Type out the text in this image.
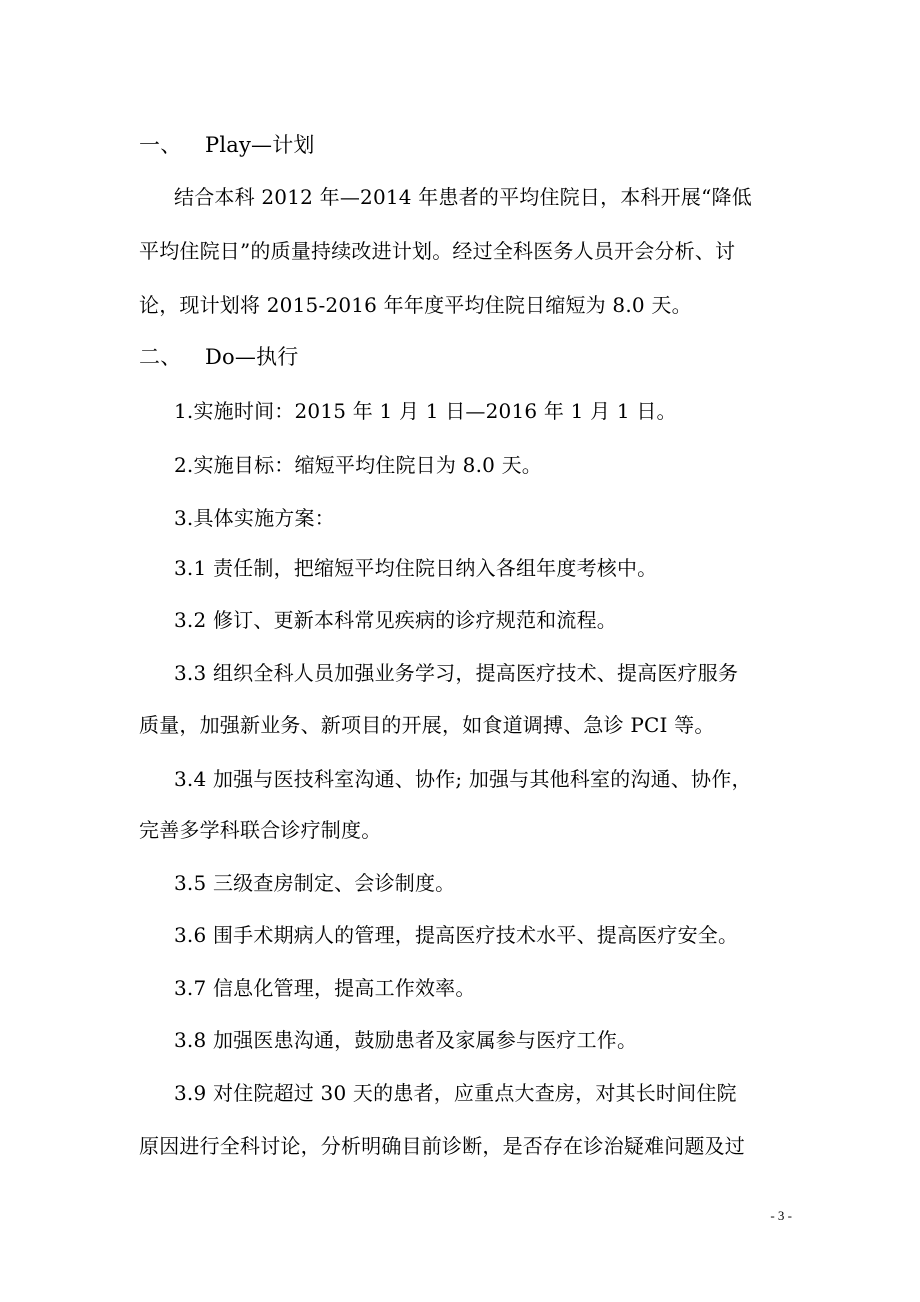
一、 Play—计划
结合本科 2012 年—2014 年患者的平均住院日，本科开展“降低
平均住院日”的质量持续改进计划。经过全科医务人员开会分析、讨
论，现计划将 2015-2016 年年度平均住院日缩短为 8.0 天。
二、 Do—执行
1.实施时间：2015 年 1 月 1 日—2016 年 1 月 1 日。
2.实施目标：缩短平均住院日为 8.0 天。
3.具体实施方案：
3.1 责任制，把缩短平均住院日纳入各组年度考核中。
3.2 修订、更新本科常见疾病的诊疗规范和流程。
3.3 组织全科人员加强业务学习，提高医疗技术、提高医疗服务
质量，加强新业务、新项目的开展，如食道调搏、急诊 PCI 等。
3.4 加强与医技科室沟通、协作; 加强与其他科室的沟通、协作，
完善多学科联合诊疗制度。
3.5 三级查房制定、会诊制度。
3.6 围手术期病人的管理，提高医疗技术水平、提高医疗安全。
3.7 信息化管理，提高工作效率。
3.8 加强医患沟通，鼓励患者及家属参与医疗工作。
3.9 对住院超过 30 天的患者，应重点大查房，对其长时间住院
原因进行全科讨论，分析明确目前诊断，是否存在诊治疑难问题及过
- 3 -
